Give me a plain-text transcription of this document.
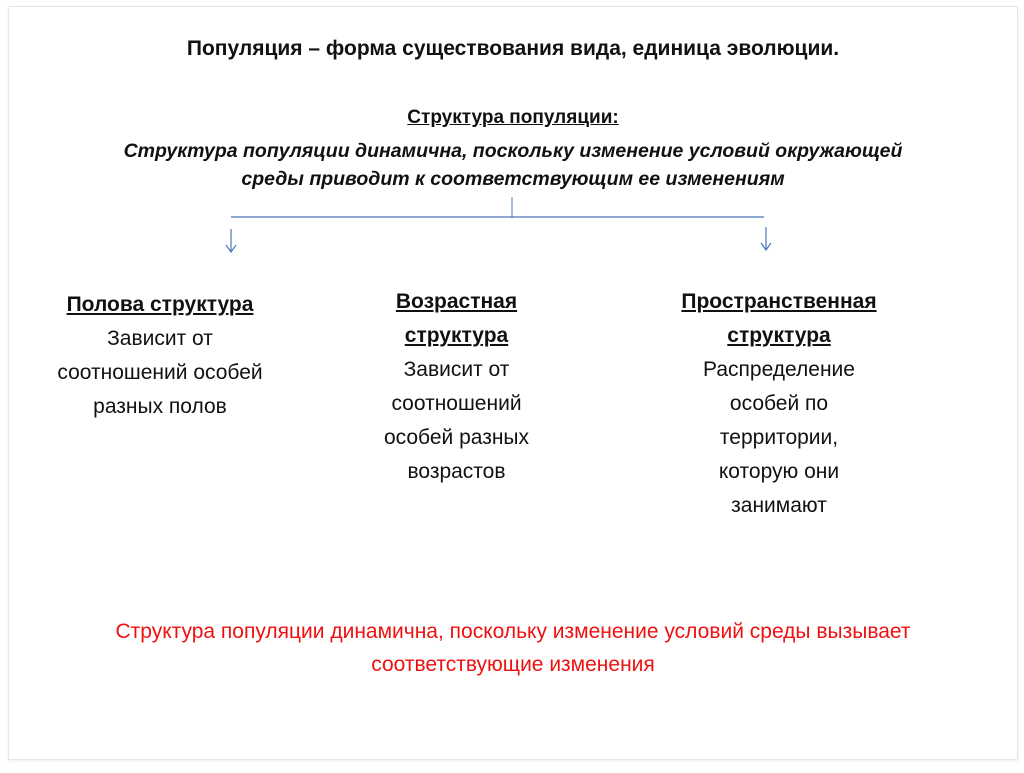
Популяция – форма существования вида, единица эволюции.
Структура популяции:
Структура популяции динамична, поскольку изменение условий окружающей среды приводит к соответствующим ее изменениям
Полова структура
Зависит от соотношений особей разных полов
Возрастная структура
Зависит от соотношений особей разных возрастов
Пространственная структура
Распределение особей по территории, которую они занимают
Структура популяции динамична, поскольку изменение условий среды вызывает соответствующие изменения
